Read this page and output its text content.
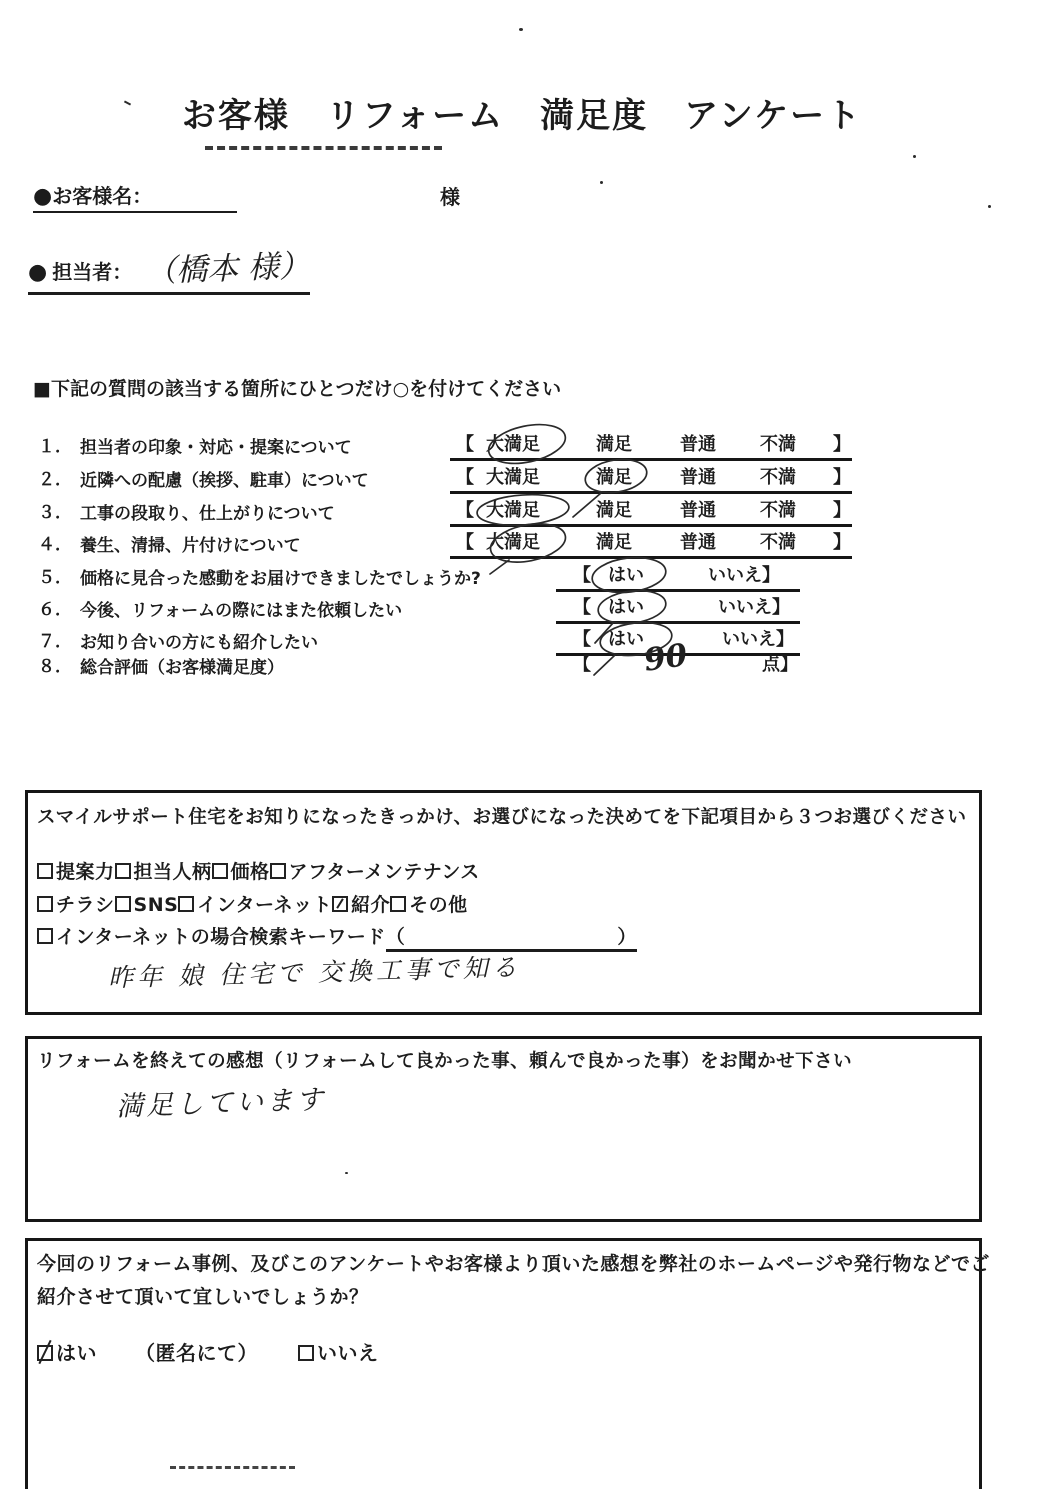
お客様　リフォーム　満足度　アンケート
●お客様名：	様
● 担当者： （橋本 様）
■下記の質問の該当する箇所にひとつだけ○を付けてください
１． 担当者の印象・対応・提案について	【 大満足	満足	普通 不満 】
２． 近隣への配慮（挨拶、駐車）について	【 大満足	満足	普通 不満 】
３． 工事の段取り、仕上がりについて	【 大満足	満足	普通 不満 】
４． 養生、清掃、片付けについて	【 大満足	満足	普通 不満 】
５． 価格に見合った感動をお届けできましたでしょうか?	【 はい	いいえ】
６． 今後、リフォームの際にはまた依頼したい	【 はい	いいえ】
７． お知り合いの方にも紹介したい	【 はい	いいえ】
８． 総合評価（お客様満足度）	【 90	点】
スマイルサポート住宅をお知りになったきっかけ、お選びになった決めてを下記項目から３つお選びください
提案力 担当人柄 価格 アフターメンテナンス
チラシ SNS インターネット 紹介 その他
インターネットの場合検索キーワード（	）
昨年 娘 住宅で 交換工事で知る
リフォームを終えての感想（リフォームして良かった事、頼んで良かった事）をお聞かせ下さい
満足しています
今回のリフォーム事例、及びこのアンケートやお客様より頂いた感想を弊社のホームページや発行物などでご
紹介させて頂いて宜しいでしょうか？
はい （匿名にて）	いいえ
